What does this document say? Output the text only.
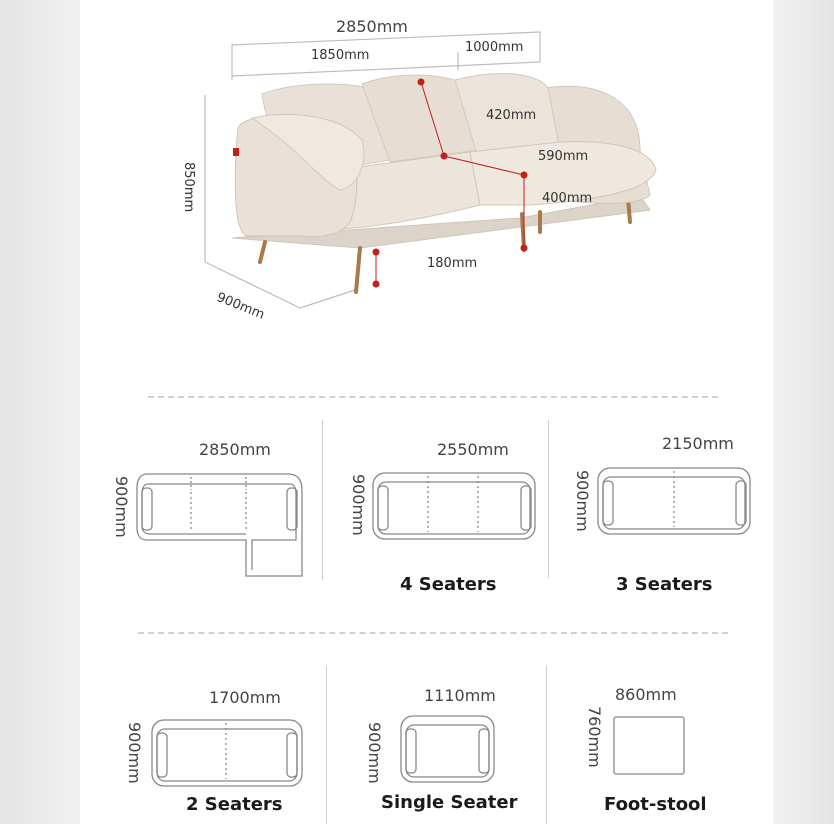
2850mm
1850mm
1000mm
850mm
900mm
420mm
590mm
400mm
180mm
2850mm
900mm
2550mm
900mm
4 Seaters
2150mm
900mm
3 Seaters
1700mm
900mm
2 Seaters
1110mm
900mm
Single Seater
860mm
760mm
Foot-stool
